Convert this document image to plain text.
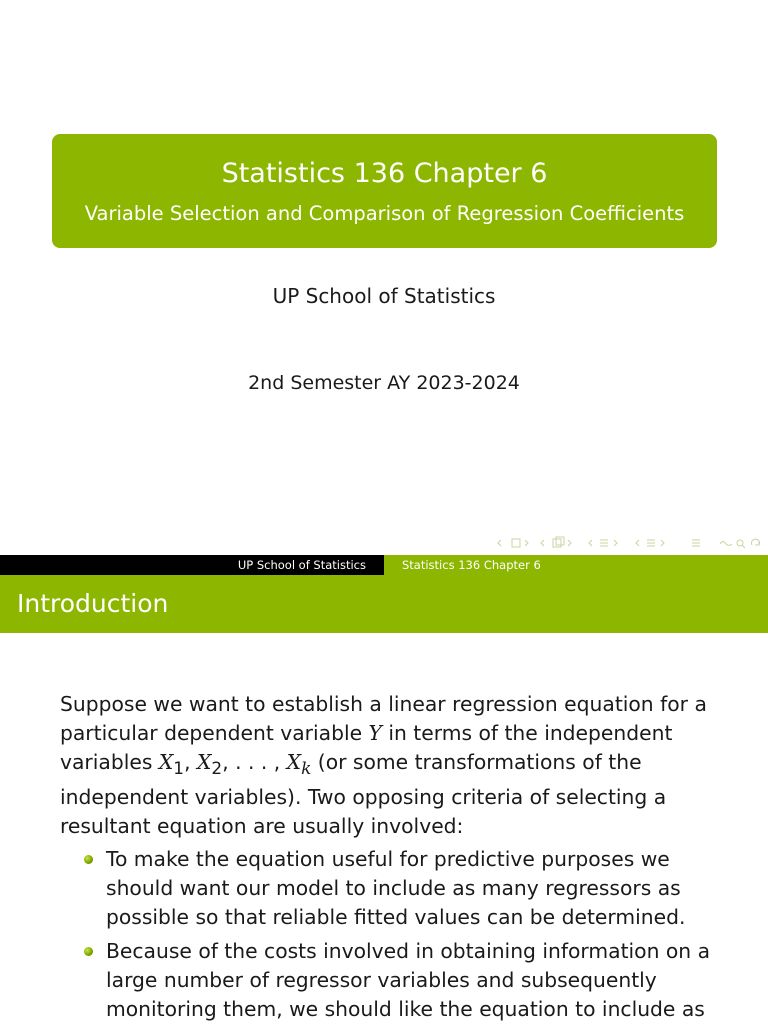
Statistics 136 Chapter 6
Variable Selection and Comparison of Regression Coefficients
UP School of Statistics
2nd Semester AY 2023-2024
UP School of Statistics	Statistics 136 Chapter 6
Introduction

Suppose we want to establish a linear regression equation for a particular dependent variable Y in terms of the independent variables $X_1$, $X_2$, . . . , $X_k$ (or some transformations of the independent variables). Two opposing criteria of selecting a resultant equation are usually involved:

To make the equation useful for predictive purposes we should want our model to include as many regressors as possible so that reliable fitted values can be determined.
Because of the costs involved in obtaining information on a large number of regressor variables and subsequently monitoring them, we should like the equation to include as
